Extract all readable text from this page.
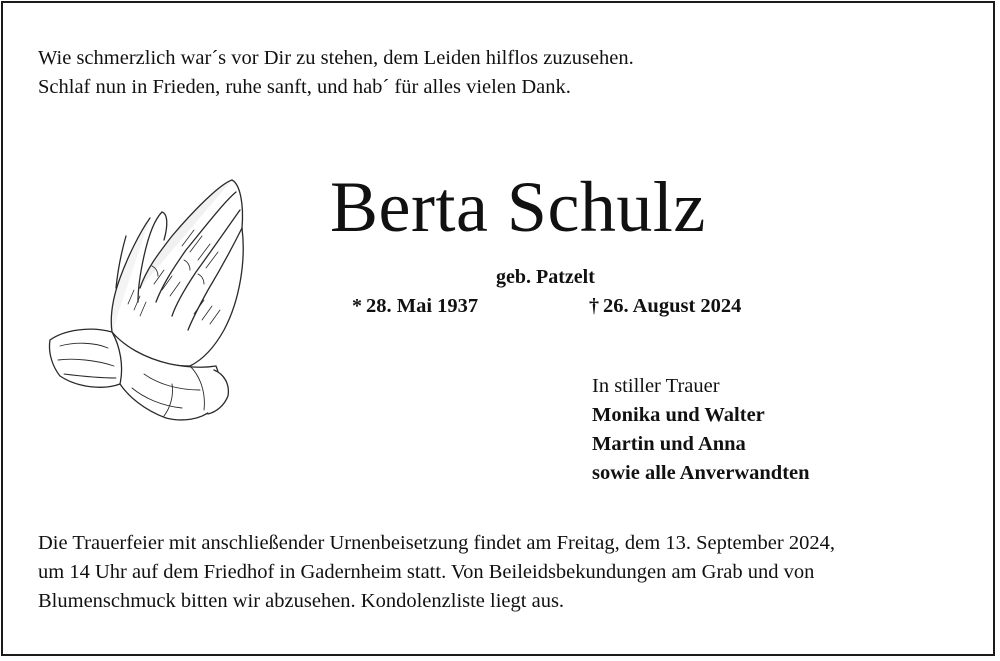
Wie schmerzlich war´s vor Dir zu stehen, dem Leiden hilflos zuzusehen.
Schlaf nun in Frieden, ruhe sanft, und hab´ für alles vielen Dank.
Berta Schulz
geb. Patzelt
* 28. Mai 1937	† 26. August 2024
In stiller Trauer
Monika und Walter
Martin und Anna
sowie alle Anverwandten
Die Trauerfeier mit anschließender Urnenbeisetzung findet am Freitag, dem 13. September 2024,
um 14 Uhr auf dem Friedhof in Gadernheim statt. Von Beileidsbekundungen am Grab und von
Blumenschmuck bitten wir abzusehen. Kondolenzliste liegt aus.
